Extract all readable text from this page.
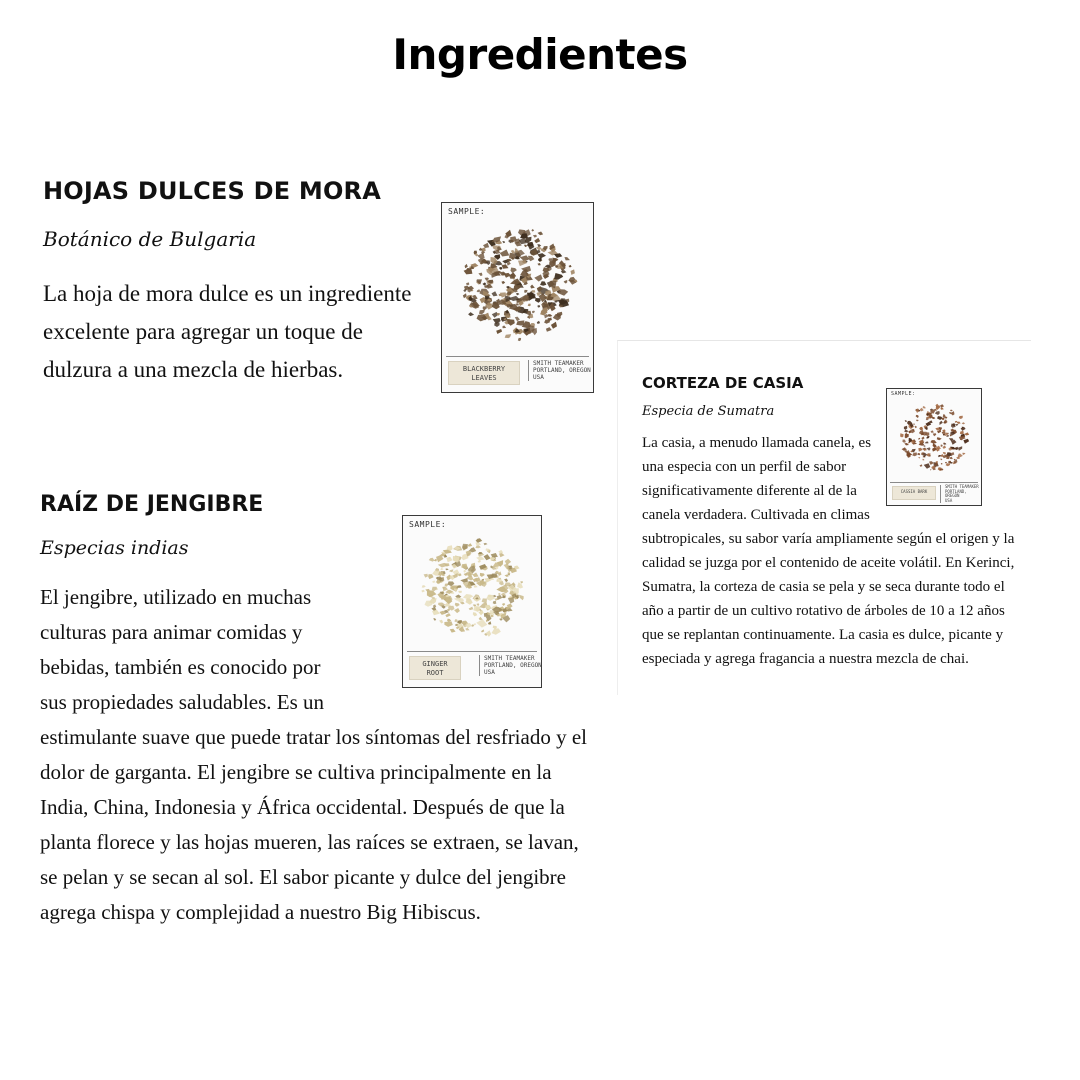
Ingredientes
HOJAS DULCES DE MORA

Botánico de Bulgaria

La hoja de mora dulce es un ingrediente excelente para agregar un toque de dulzura a una mezcla de hierbas.

SAMPLE:
BLACKBERRY
LEAVES
SMITH TEAMAKER
PORTLAND, OREGON
USA
RAÍZ DE JENGIBRE

Especias indias

El jengibre, utilizado en muchas culturas para animar comidas y bebidas, también es conocido por sus propiedades saludables. Es un estimulante suave que puede tratar los síntomas del resfriado y el dolor de garganta. El jengibre se cultiva principalmente en la India, China, Indonesia y África occidental. Después de que la planta florece y las hojas mueren, las raíces se extraen, se lavan, se pelan y se secan al sol. El sabor picante y dulce del jengibre agrega chispa y complejidad a nuestro Big Hibiscus.
SAMPLE:
GINGER
ROOT
SMITH TEAMAKER
PORTLAND, OREGON
USA
CORTEZA DE CASIA

Especia de Sumatra

La casia, a menudo llamada canela, es una especia con un perfil de sabor significativamente diferente al de la canela verdadera. Cultivada en climas subtropicales, su sabor varía ampliamente según el origen y la calidad se juzga por el contenido de aceite volátil. En Kerinci, Sumatra, la corteza de casia se pela y se seca durante todo el año a partir de un cultivo rotativo de árboles de 10 a 12 años que se replantan continuamente. La casia es dulce, picante y especiada y agrega fragancia a nuestra mezcla de chai.
SAMPLE:
CASSIA BARK
SMITH TEAMAKER
PORTLAND, OREGON
USA
